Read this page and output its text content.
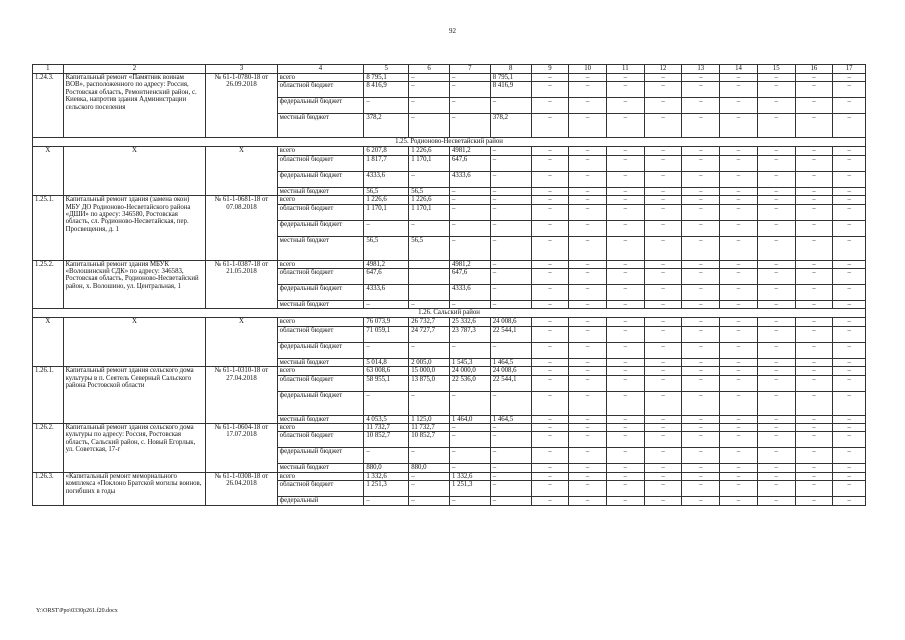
92
1	2	3	4	5	6	7	8	9	10	11	12	13	14	15	16	17
1.24.3.	Капитальный ремонт «Памятник воинам ВОВ», расположенного по адресу: Россия, Ростовская область, Ремонтненский район, с. Киевка, напротив здания Администрации сельского поселения	№ 61-1-0780-18 от 26.09.2018	всего	8 795,1	–	–	8 795,1	–	–	–	–	–	–	–	–	–
			областной бюджет	8 416,9	–	–	8 416,9	–	–	–	–	–	–	–	–	–
			федеральный бюджет	–	–	–	–	–	–	–	–	–	–	–	–	–
			местный бюджет	378,2	–	–	378,2	–	–	–	–	–	–	–	–	–
1.25. Родионово-Несветайский район																
Х	Х	Х	всего	6 207,8	1 226,6	4981,2	–	–	–	–	–	–	–	–	–	–
			областной бюджет	1 817,7	1 170,1	647,6	–	–	–	–	–	–	–	–	–	–
			федеральный бюджет	4333,6	–	4333,6	–	–	–	–	–	–	–	–	–	–
			местный бюджет	56,5	56,5	–	–	–	–	–	–	–	–	–	–	–
1.25.1.	Капитальный ремонт здания (замена окон) МБУ ДО Родионово-Несветайского района «ДШИ» по адресу: 346580, Ростовская область, сл. Родионово-Несветайская, пер. Просвещения, д. 1	№ 61-1-0681-18 от 07.08.2018	всего	1 226,6	1 226,6	–	–	–	–	–	–	–	–	–	–	–
			областной бюджет	1 170,1	1 170,1	–	–	–	–	–	–	–	–	–	–	–
			федеральный бюджет	–	–	–	–	–	–	–	–	–	–	–	–	–
			местный бюджет	56,5	56,5	–	–	–	–	–	–	–	–	–	–	–
1.25.2.	Капитальный ремонт здания МБУК «Волошинский СДК» по адресу: 346583, Ростовская область, Родионово-Несветайский район, х. Волошино, ул. Центральная, 1	№ 61-1-0387-18 от 21.05.2018	всего	4981,2		4981,2	–	–	–	–	–	–	–	–	–	–
			областной бюджет	647,6		647,6	–	–	–	–	–	–	–	–	–	–
			федеральный бюджет	4333,6		4333,6	–	–	–	–	–	–	–	–	–	–
			местный бюджет	–	–	–	–	–	–	–	–	–	–	–	–	–
1.26. Сальский район																
Х	Х	Х	всего	76 073,9	26 732,7	25 332,6	24 008,6	–	–	–	–	–	–	–	–	–
			областной бюджет	71 059,1	24 727,7	23 787,3	22 544,1	–	–	–	–	–	–	–	–	–
			федеральный бюджет	–	–	–	–	–	–	–	–	–	–	–	–	–
			местный бюджет	5 014,8	2 005,0	1 545,3	1 464,5	–	–	–	–	–	–	–	–	–
1.26.1.	Капитальный ремонт здания сельского дома культуры в п. Сеятель Северный Сальского района Ростовской области	№ 61-1-0310-18 от 27.04.2018	всего	63 008,6	15 000,0	24 000,0	24 008,6	–	–	–	–	–	–	–	–	–
			областной бюджет	58 955,1	13 875,0	22 536,0	22 544,1	–	–	–	–	–	–	–	–	–
			федеральный бюджет	–	–	–	–	–	–	–	–	–	–	–	–	–
			местный бюджет	4 053,5	1 125,0	1 464,0	1 464,5	–	–	–	–	–	–	–	–	–
1.26.2.	Капитальный ремонт здания сельского дома культуры по адресу: Россия, Ростовская область, Сальский район, с. Новый Егорлык, ул. Советская, 17-г	№ 61-1-0604-18 от 17.07.2018	всего	11 732,7	11 732,7	–	–	–	–	–	–	–	–	–	–	–
			областной бюджет	10 852,7	10 852,7	–	–	–	–	–	–	–	–	–	–	–
			федеральный бюджет	–	–	–	–	–	–	–	–	–	–	–	–	–
			местный бюджет	880,0	880,0	–	–	–	–	–	–	–	–	–	–	–
1.26.3.	«Капитальный ремонт мемориального комплекса «Поклоно Братской могилы воинов, погибших в годы	№ 61-1-0308-18 от 26.04.2018	всего	1 332,6	–	1 332,6	–	–	–	–	–	–	–	–	–	–
			областной бюджет	1 251,3	–	1 251,3	–	–	–	–	–	–	–	–	–	–
			федеральный	–	–	–	–	–	–	–	–	–	–	–	–	–
Y:\ORST\Ppo\0330p261.f20.docx
